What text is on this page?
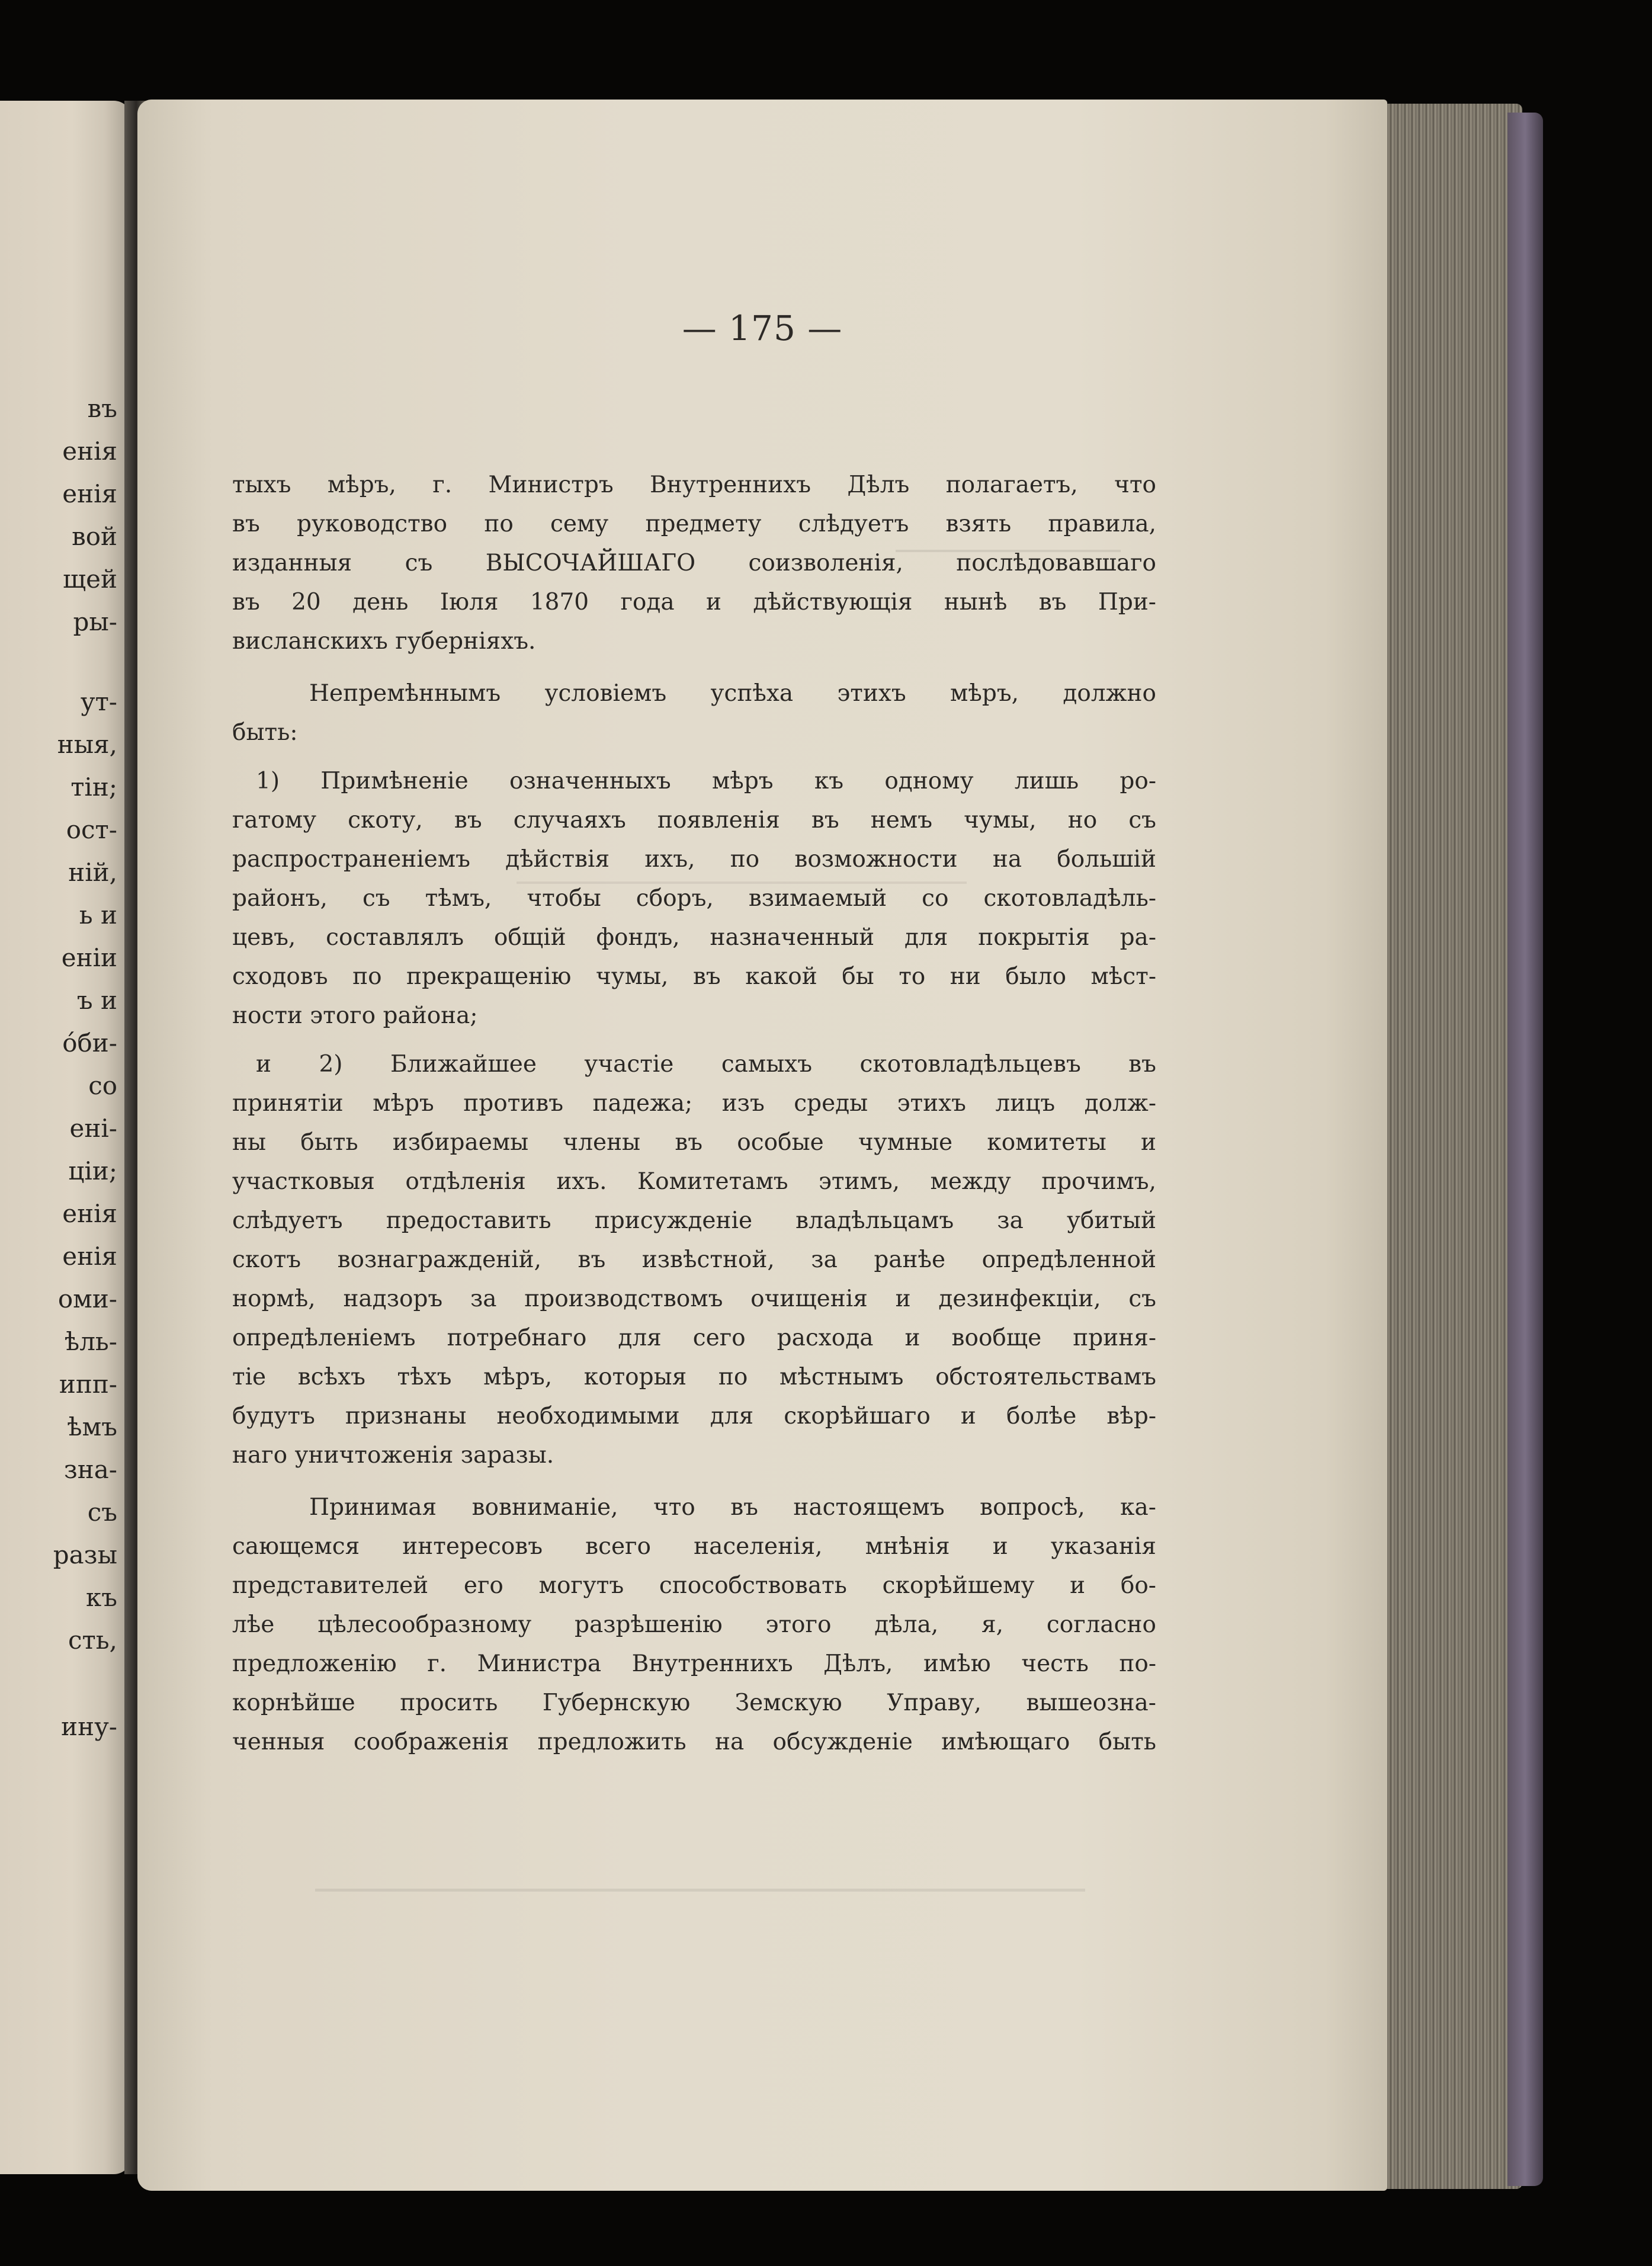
въ
енія
енія
вой
щей
ры-
ут-
ныя,
тін;
ост-
ній,
ь и
еніи
ъ и
óби-
со
ені-
ціи;
енія
енія
оми-
ѣль-
ипп-
ѣмъ
зна-
съ
разы
къ
сть,
ину-
— 175 —
тыхъ мѣръ, г. Министръ Внутреннихъ Дѣлъ полагаетъ, что
въ руководство по сему предмету слѣдуетъ взять правила,
изданныя съ ВЫСОЧАЙШАГО соизволенія, послѣдовавшаго
въ 20 день Іюля 1870 года и дѣйствующія нынѣ въ При-
висланскихъ губерніяхъ.
Непремѣннымъ условіемъ успѣха этихъ мѣръ, должно
быть:
1) Примѣненіе означенныхъ мѣръ къ одному лишь ро-
гатому скоту, въ случаяхъ появленія въ немъ чумы, но съ
распространеніемъ дѣйствія ихъ, по возможности на большій
районъ, съ тѣмъ, чтобы сборъ, взимаемый со скотовладѣль-
цевъ, составлялъ общій фондъ, назначенный для покрытія ра-
сходовъ по прекращенію чумы, въ какой бы то ни было мѣст-
ности этого района;
и 2) Ближайшее участіе самыхъ скотовладѣльцевъ въ
принятіи мѣръ противъ падежа; изъ среды этихъ лицъ долж-
ны быть избираемы члены въ особые чумные комитеты и
участковыя отдѣленія ихъ. Комитетамъ этимъ, между прочимъ,
слѣдуетъ предоставить присужденіе владѣльцамъ за убитый
скотъ вознагражденій, въ извѣстной, за ранѣе опредѣленной
нормѣ, надзоръ за производствомъ очищенія и дезинфекціи, съ
опредѣленіемъ потребнаго для сего расхода и вообще приня-
тіе всѣхъ тѣхъ мѣръ, которыя по мѣстнымъ обстоятельствамъ
будутъ признаны необходимыми для скорѣйшаго и болѣе вѣр-
наго уничтоженія заразы.
Принимая вовниманіе, что въ настоящемъ вопросѣ, ка-
сающемся интересовъ всего населенія, мнѣнія и указанія
представителей его могутъ способствовать скорѣйшему и бо-
лѣе цѣлесообразному разрѣшенію этого дѣла, я, согласно
предложенію г. Министра Внутреннихъ Дѣлъ, имѣю честь по-
корнѣйше просить Губернскую Земскую Управу, вышеозна-
ченныя соображенія предложить на обсужденіе имѣющаго быть
